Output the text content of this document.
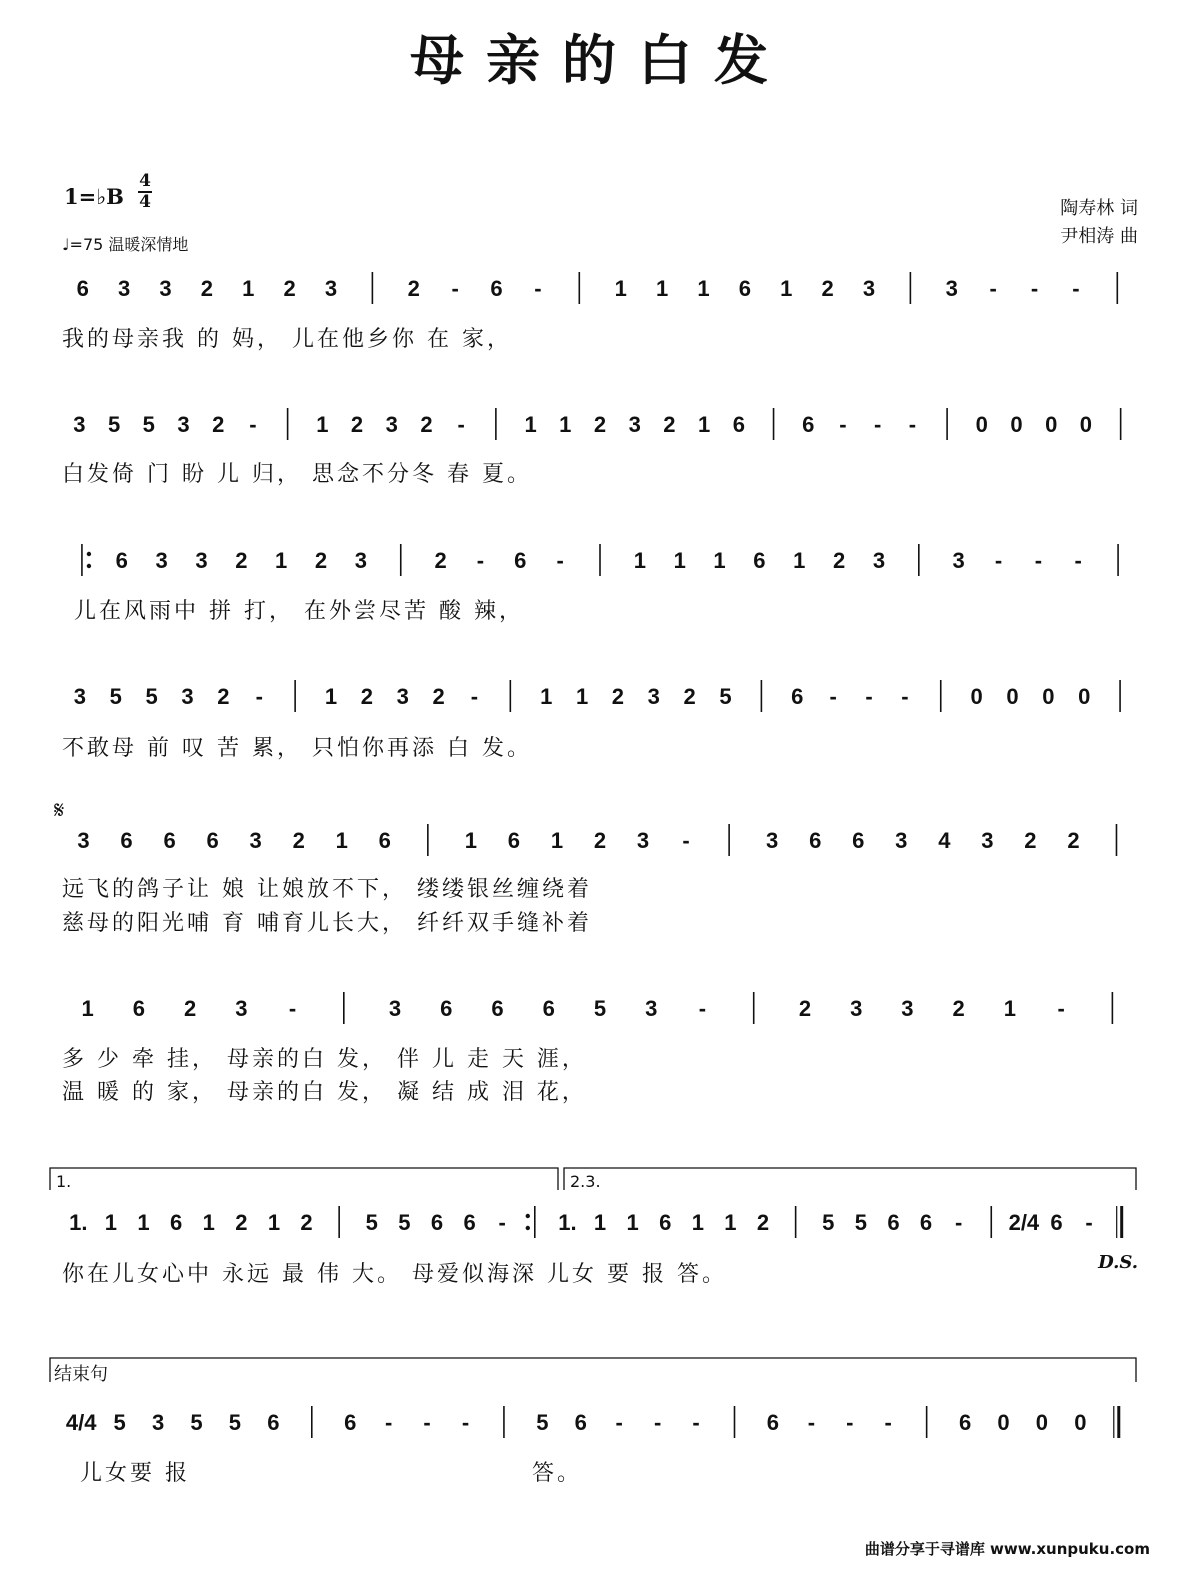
母亲的白发
1=♭B
4
4
♩=75 温暖深情地
陶寿林 词
尹相涛 曲
𝄋
D.S.
结束句
1.	2.3.
6 3 3 2 1 2 3	2 - 6 -	1 1 1 6 1 2 3	3 - - -
3 5 5 3 2 -	1 2 3 2 -	1 1 2 3 2 1 6	6 - - -	0 0 0 0
6 3 3 2 1 2 3	2 - 6 -	1 1 1 6 1 2 3	3 - - -
3 5 5 3 2 -	1 2 3 2 -	1 1 2 3 2 5	6 - - -	0 0 0 0
3 6 6 6 3 2 1 6	1 6 1 2 3 -	3 6 6 3 4 3 2 2
1 6 2 3 -	3 6 6 6 5 3 -	2 3 3 2 1 -
1. 1 1 6 1 2 1 2 5 5 6 6 - 1. 1 1 6 1 1 2 5 5 6 6 - 2/4 6 -
4/4 5 3 5 5 6	6 - - -	5 6 - - -	6 - - -	6 0 0 0
我的母亲我 的 妈， 儿在他乡你 在 家，
白发倚 门 盼 儿 归， 思念不分冬 春 夏。
儿在风雨中 拼 打， 在外尝尽苦 酸 辣，
不敢母 前 叹 苦 累， 只怕你再添 白 发。
远飞的鸽子让 娘 让娘放不下， 缕缕银丝缠绕着
慈母的阳光哺 育 哺育儿长大， 纤纤双手缝补着
多 少 牵 挂， 母亲的白 发， 伴 儿 走 天 涯，
温 暖 的 家， 母亲的白 发， 凝 结 成 泪 花，
你在儿女心中 永远 最 伟 大。 母爱似海深 儿女 要 报 答。
儿女要 报	答。
曲谱分享于寻谱库 www.xunpuku.com
